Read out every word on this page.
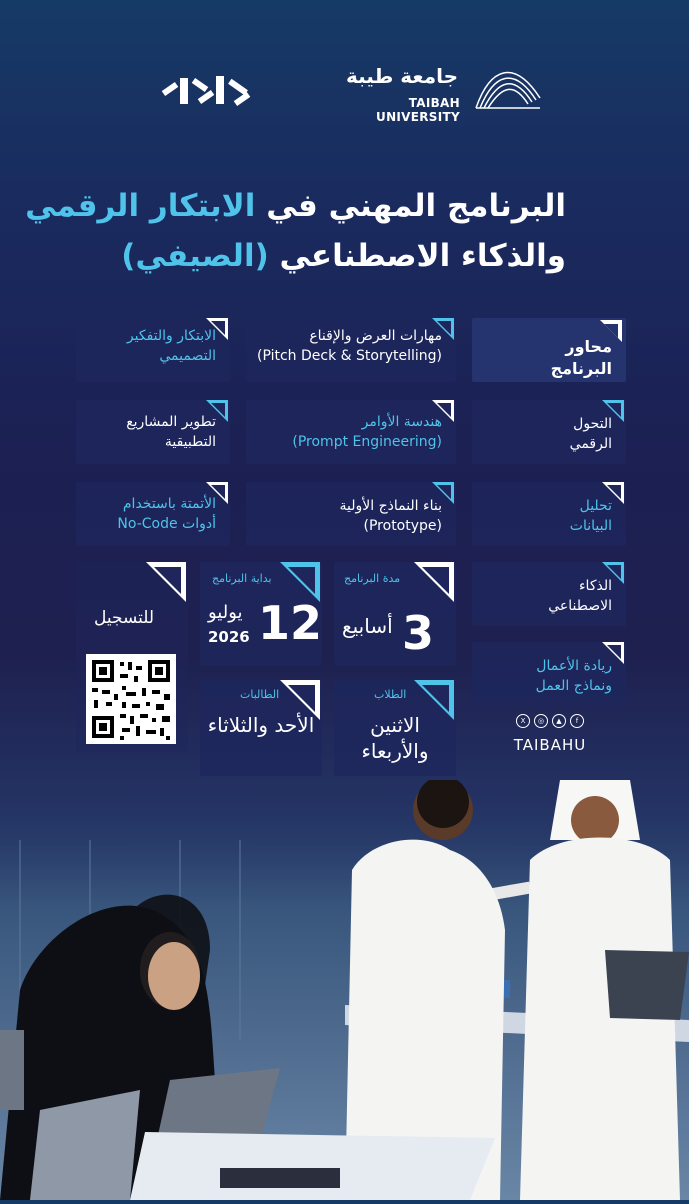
جامعة طيبة
TAIBAH UNIVERSITY
البرنامج المهني في الابتكار الرقمي
والذكاء الاصطناعي (الصيفي)
محاور
البرنامج
مهارات العرض والإقناع
(Pitch Deck & Storytelling)
الابتكار والتفكير
التصميمي
التحول
الرقمي
هندسة الأوامر
(Prompt Engineering)
تطوير المشاريع
التطبيقية
تحليل
البيانات
بناء النماذج الأولية
(Prototype)
الأتمتة باستخدام
أدوات No-Code
الذكاء
الاصطناعي
ريادة الأعمال
ونماذج العمل
مدة البرنامج
3
أسابيع
بداية البرنامج
12
يوليو
2026
للتسجيل
الطلاب
الاثنين والأربعاء
الطالبات
الأحد والثلاثاء	X	◎	▲	f
TAIBAHU
